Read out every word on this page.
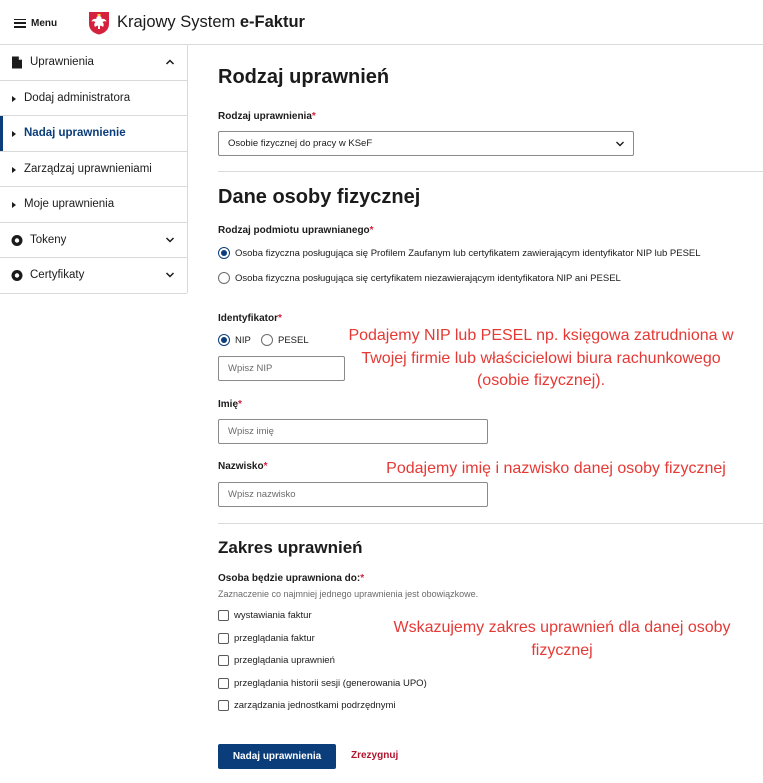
Menu	Krajowy System e-Faktur
Uprawnienia
Dodaj administratora
Nadaj uprawnienie
Zarządzaj uprawnieniami
Moje uprawnienia
Tokeny
Certyfikaty
Rodzaj uprawnień
Rodzaj uprawnienia*
Osobie fizycznej do pracy w KSeF
Dane osoby fizycznej
Rodzaj podmiotu uprawnianego*
Osoba fizyczna posługująca się Profilem Zaufanym lub certyfikatem zawierającym identyfikator NIP lub PESEL
Osoba fizyczna posługująca się certyfikatem niezawierającym identyfikatora NIP ani PESEL
Identyfikator*
NIP	PESEL
Wpisz NIP
Imię*
Wpisz imię
Nazwisko*
Wpisz nazwisko
Zakres uprawnień
Osoba będzie uprawniona do:*
Zaznaczenie co najmniej jednego uprawnienia jest obowiązkowe.
wystawiania faktur
przeglądania faktur
przeglądania uprawnień
przeglądania historii sesji (generowania UPO)
zarządzania jednostkami podrzędnymi
Nadaj uprawnienia	Zrezygnuj
Podajemy NIP lub PESEL np. księgowa zatrudniona w Twojej firmie lub właścicielowi biura rachunkowego (osobie fizycznej).
Podajemy imię i nazwisko danej osoby fizycznej
Wskazujemy zakres uprawnień dla danej osoby fizycznej
